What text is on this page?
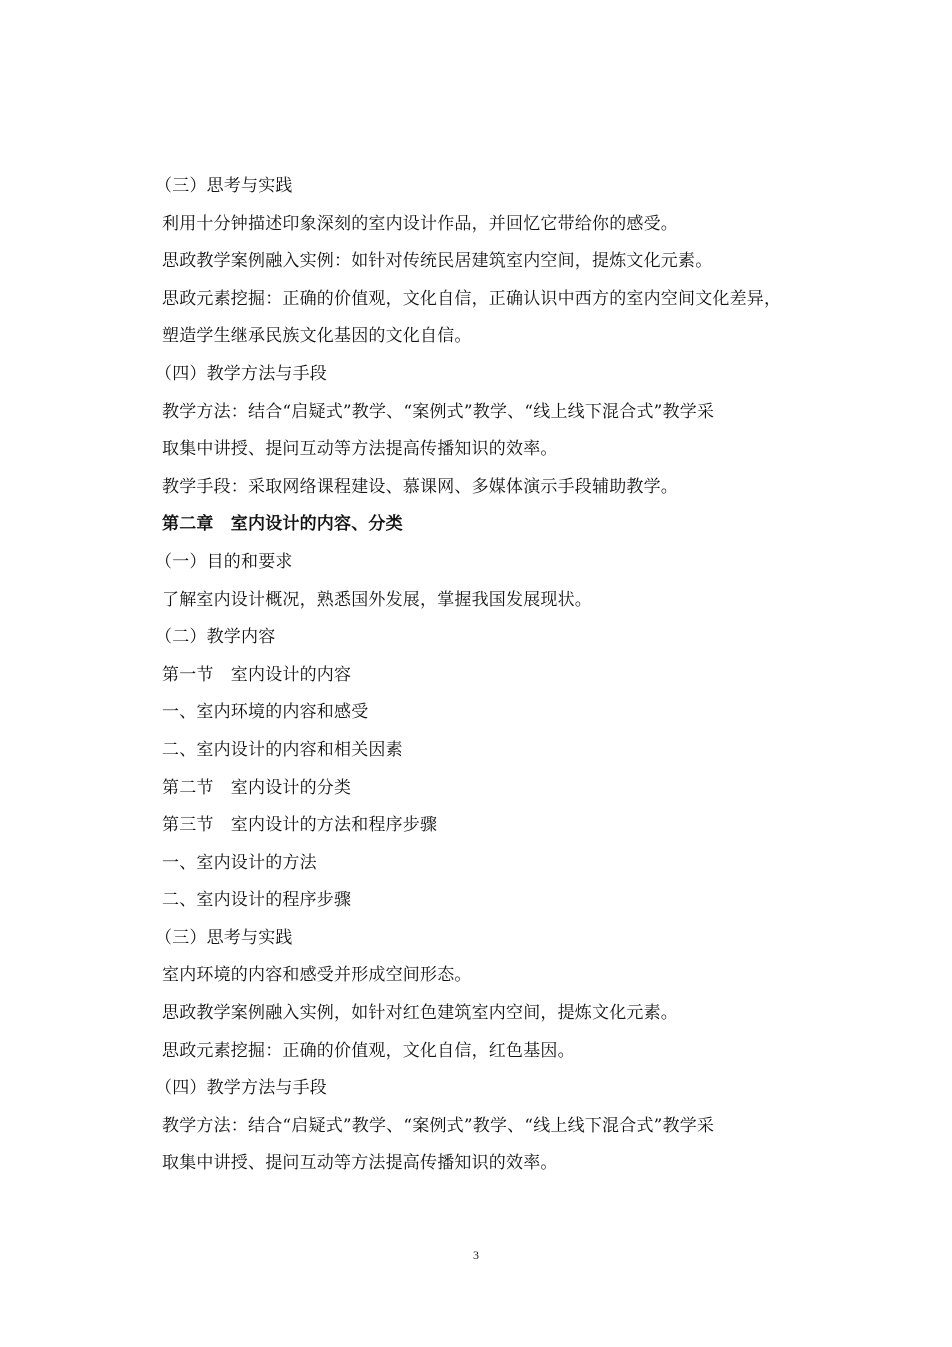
（三）思考与实践
利用十分钟描述印象深刻的室内设计作品，并回忆它带给你的感受。
思政教学案例融入实例：如针对传统民居建筑室内空间，提炼文化元素。
思政元素挖掘：正确的价值观，文化自信，正确认识中西方的室内空间文化差异，
塑造学生继承民族文化基因的文化自信。
（四）教学方法与手段
教学方法：结合“启疑式”教学、“案例式”教学、“线上线下混合式”教学采
取集中讲授、提问互动等方法提高传播知识的效率。
教学手段：采取网络课程建设、慕课网、多媒体演示手段辅助教学。
第二章　室内设计的内容、分类
（一）目的和要求
了解室内设计概况，熟悉国外发展，掌握我国发展现状。
（二）教学内容
第一节　室内设计的内容
一、室内环境的内容和感受
二、室内设计的内容和相关因素
第二节　室内设计的分类
第三节　室内设计的方法和程序步骤
一、室内设计的方法
二、室内设计的程序步骤
（三）思考与实践
室内环境的内容和感受并形成空间形态。
思政教学案例融入实例，如针对红色建筑室内空间，提炼文化元素。
思政元素挖掘：正确的价值观，文化自信，红色基因。
（四）教学方法与手段
教学方法：结合“启疑式”教学、“案例式”教学、“线上线下混合式”教学采
取集中讲授、提问互动等方法提高传播知识的效率。
3
